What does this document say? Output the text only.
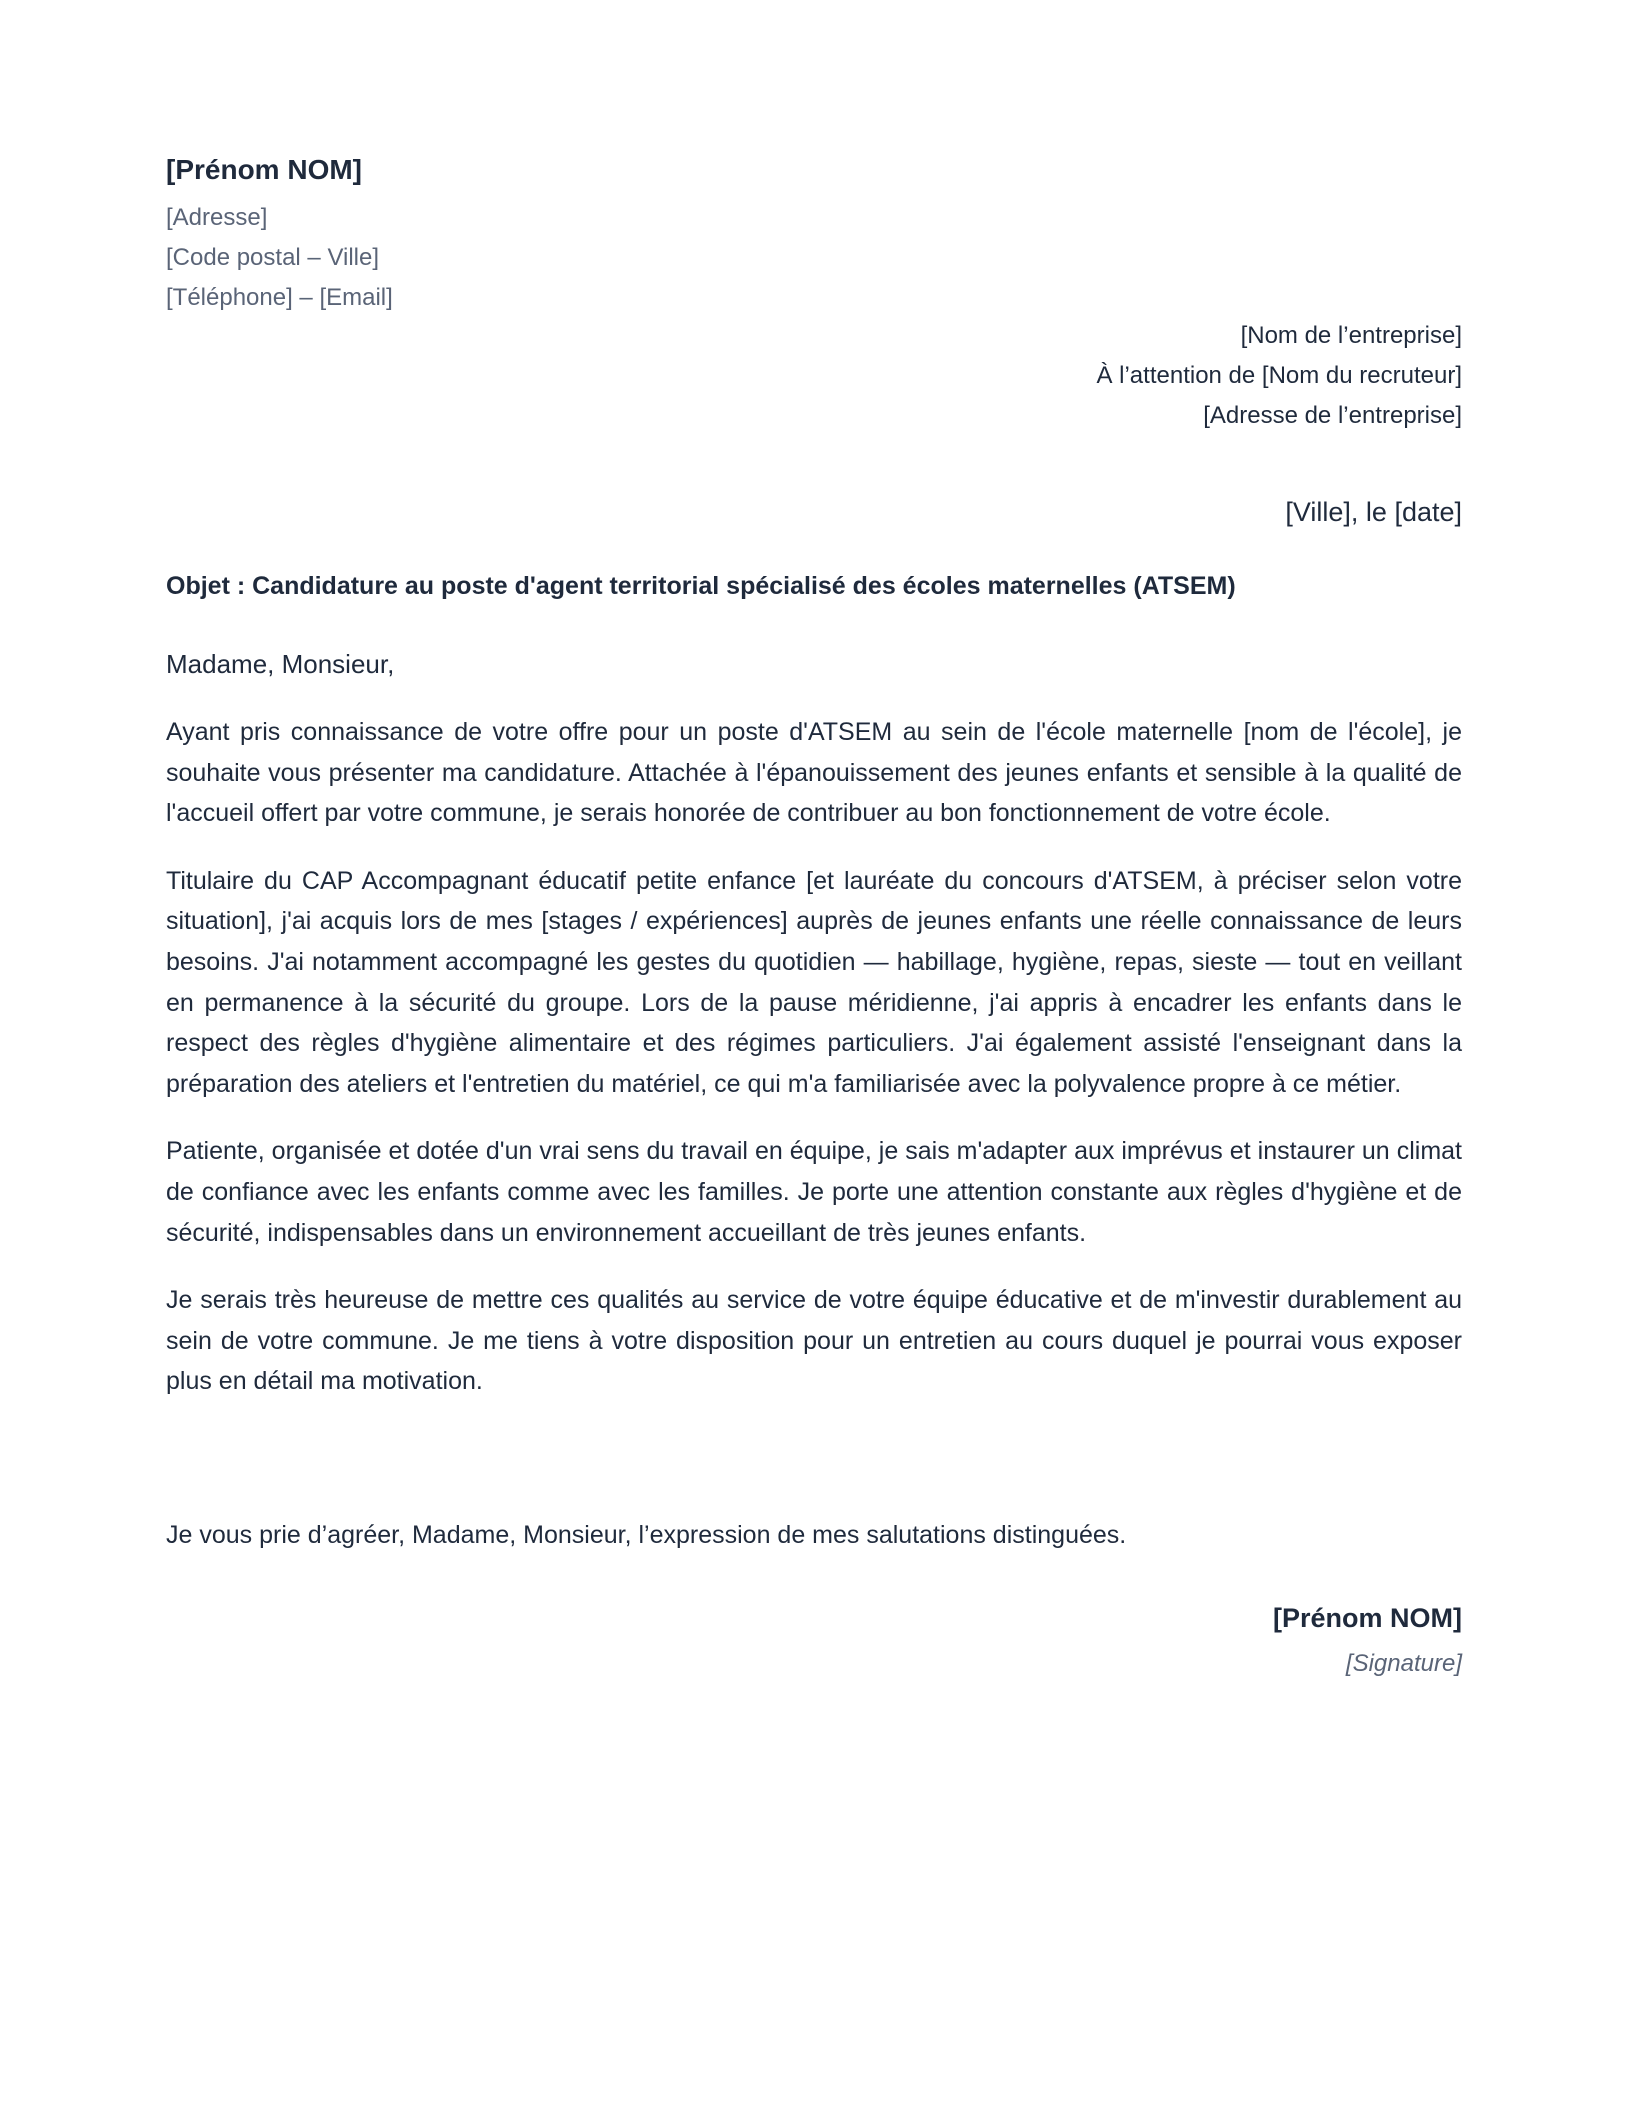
[Prénom NOM]
[Adresse]
[Code postal – Ville]
[Téléphone] – [Email]
[Nom de l’entreprise]
À l’attention de [Nom du recruteur]
[Adresse de l’entreprise]
[Ville], le [date]
Objet : Candidature au poste d'agent territorial spécialisé des écoles maternelles (ATSEM)
Madame, Monsieur,

Ayant pris connaissance de votre offre pour un poste d'ATSEM au sein de l'école maternelle [nom de l'école], je souhaite vous présenter ma candidature. Attachée à l'épanouissement des jeunes enfants et sensible à la qualité de l'accueil offert par votre commune, je serais honorée de contribuer au bon fonctionnement de votre école.

Titulaire du CAP Accompagnant éducatif petite enfance [et lauréate du concours d'ATSEM, à préciser selon votre situation], j'ai acquis lors de mes [stages / expériences] auprès de jeunes enfants une réelle connaissance de leurs besoins. J'ai notamment accompagné les gestes du quotidien — habillage, hygiène, repas, sieste — tout en veillant en permanence à la sécurité du groupe. Lors de la pause méridienne, j'ai appris à encadrer les enfants dans le respect des règles d'hygiène alimentaire et des régimes particuliers. J'ai également assisté l'enseignant dans la préparation des ateliers et l'entretien du matériel, ce qui m'a familiarisée avec la polyvalence propre à ce métier.

Patiente, organisée et dotée d'un vrai sens du travail en équipe, je sais m'adapter aux imprévus et instaurer un climat de confiance avec les enfants comme avec les familles. Je porte une attention constante aux règles d'hygiène et de sécurité, indispensables dans un environnement accueillant de très jeunes enfants.

Je serais très heureuse de mettre ces qualités au service de votre équipe éducative et de m'investir durablement au sein de votre commune. Je me tiens à votre disposition pour un entretien au cours duquel je pourrai vous exposer plus en détail ma motivation.

Je vous prie d’agréer, Madame, Monsieur, l’expression de mes salutations distinguées.
[Prénom NOM]
[Signature]
